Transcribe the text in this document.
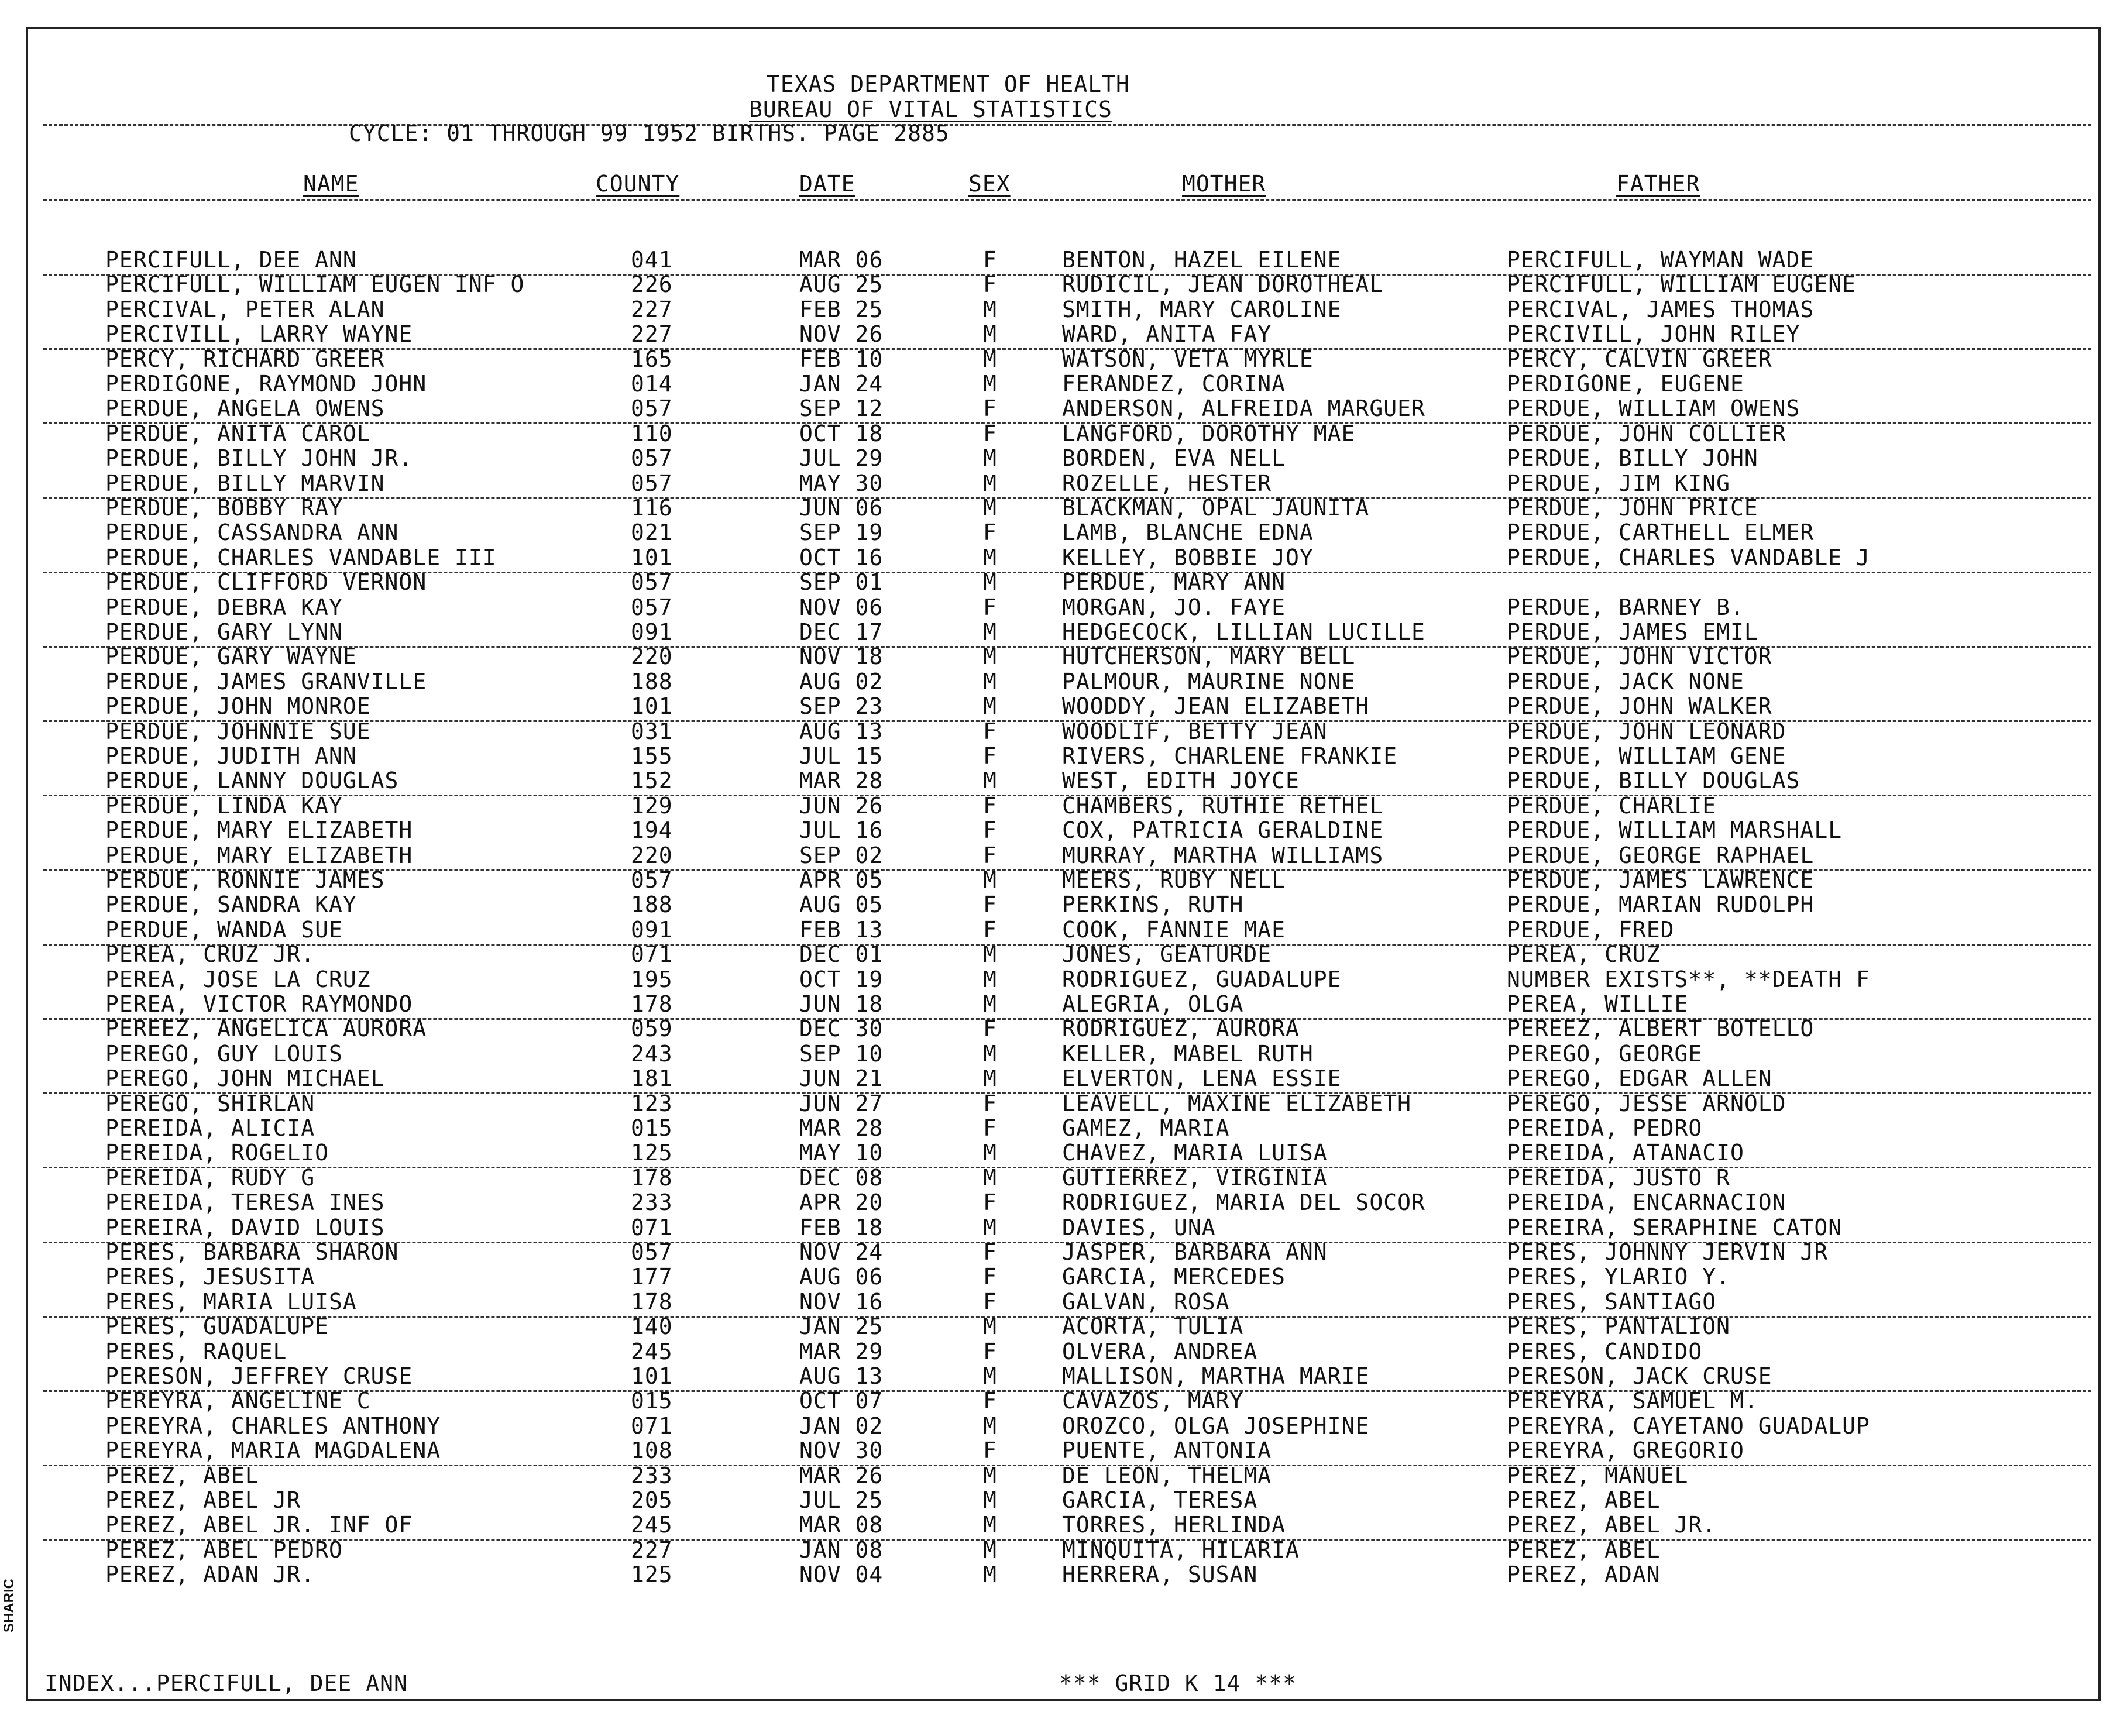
TEXAS DEPARTMENT OF HEALTH
BUREAU OF VITAL STATISTICS
CYCLE: 01 THROUGH 99 1952 BIRTHS. PAGE 2885
NAME	COUNTY	DATE	SEX	MOTHER	FATHER
PERCIFULL, DEE ANN	041	MAR 06	F	BENTON, HAZEL EILENE	PERCIFULL, WAYMAN WADE
PERCIFULL, WILLIAM EUGEN INF O	226	AUG 25	F	RUDICIL, JEAN DOROTHEAL	PERCIFULL, WILLIAM EUGENE
PERCIVAL, PETER ALAN	227	FEB 25	M	SMITH, MARY CAROLINE	PERCIVAL, JAMES THOMAS
PERCIVILL, LARRY WAYNE	227	NOV 26	M	WARD, ANITA FAY	PERCIVILL, JOHN RILEY
PERCY, RICHARD GREER	165	FEB 10	M	WATSON, VETA MYRLE	PERCY, CALVIN GREER
PERDIGONE, RAYMOND JOHN	014	JAN 24	M	FERANDEZ, CORINA	PERDIGONE, EUGENE
PERDUE, ANGELA OWENS	057	SEP 12	F	ANDERSON, ALFREIDA MARGUER	PERDUE, WILLIAM OWENS
PERDUE, ANITA CAROL	110	OCT 18	F	LANGFORD, DOROTHY MAE	PERDUE, JOHN COLLIER
PERDUE, BILLY JOHN JR.	057	JUL 29	M	BORDEN, EVA NELL	PERDUE, BILLY JOHN
PERDUE, BILLY MARVIN	057	MAY 30	M	ROZELLE, HESTER	PERDUE, JIM KING
PERDUE, BOBBY RAY	116	JUN 06	M	BLACKMAN, OPAL JAUNITA	PERDUE, JOHN PRICE
PERDUE, CASSANDRA ANN	021	SEP 19	F	LAMB, BLANCHE EDNA	PERDUE, CARTHELL ELMER
PERDUE, CHARLES VANDABLE III	101	OCT 16	M	KELLEY, BOBBIE JOY	PERDUE, CHARLES VANDABLE J
PERDUE, CLIFFORD VERNON	057	SEP 01	M	PERDUE, MARY ANN
PERDUE, DEBRA KAY	057	NOV 06	F	MORGAN, JO. FAYE	PERDUE, BARNEY B.
PERDUE, GARY LYNN	091	DEC 17	M	HEDGECOCK, LILLIAN LUCILLE	PERDUE, JAMES EMIL
PERDUE, GARY WAYNE	220	NOV 18	M	HUTCHERSON, MARY BELL	PERDUE, JOHN VICTOR
PERDUE, JAMES GRANVILLE	188	AUG 02	M	PALMOUR, MAURINE NONE	PERDUE, JACK NONE
PERDUE, JOHN MONROE	101	SEP 23	M	WOODDY, JEAN ELIZABETH	PERDUE, JOHN WALKER
PERDUE, JOHNNIE SUE	031	AUG 13	F	WOODLIF, BETTY JEAN	PERDUE, JOHN LEONARD
PERDUE, JUDITH ANN	155	JUL 15	F	RIVERS, CHARLENE FRANKIE	PERDUE, WILLIAM GENE
PERDUE, LANNY DOUGLAS	152	MAR 28	M	WEST, EDITH JOYCE	PERDUE, BILLY DOUGLAS
PERDUE, LINDA KAY	129	JUN 26	F	CHAMBERS, RUTHIE RETHEL	PERDUE, CHARLIE
PERDUE, MARY ELIZABETH	194	JUL 16	F	COX, PATRICIA GERALDINE	PERDUE, WILLIAM MARSHALL
PERDUE, MARY ELIZABETH	220	SEP 02	F	MURRAY, MARTHA WILLIAMS	PERDUE, GEORGE RAPHAEL
PERDUE, RONNIE JAMES	057	APR 05	M	MEERS, RUBY NELL	PERDUE, JAMES LAWRENCE
PERDUE, SANDRA KAY	188	AUG 05	F	PERKINS, RUTH	PERDUE, MARIAN RUDOLPH
PERDUE, WANDA SUE	091	FEB 13	F	COOK, FANNIE MAE	PERDUE, FRED
PEREA, CRUZ JR.	071	DEC 01	M	JONES, GEATURDE	PEREA, CRUZ
PEREA, JOSE LA CRUZ	195	OCT 19	M	RODRIGUEZ, GUADALUPE	NUMBER EXISTS**, **DEATH F
PEREA, VICTOR RAYMONDO	178	JUN 18	M	ALEGRIA, OLGA	PEREA, WILLIE
PEREEZ, ANGELICA AURORA	059	DEC 30	F	RODRIGUEZ, AURORA	PEREEZ, ALBERT BOTELLO
PEREGO, GUY LOUIS	243	SEP 10	M	KELLER, MABEL RUTH	PEREGO, GEORGE
PEREGO, JOHN MICHAEL	181	JUN 21	M	ELVERTON, LENA ESSIE	PEREGO, EDGAR ALLEN
PEREGO, SHIRLAN	123	JUN 27	F	LEAVELL, MAXINE ELIZABETH	PEREGO, JESSE ARNOLD
PEREIDA, ALICIA	015	MAR 28	F	GAMEZ, MARIA	PEREIDA, PEDRO
PEREIDA, ROGELIO	125	MAY 10	M	CHAVEZ, MARIA LUISA	PEREIDA, ATANACIO
PEREIDA, RUDY G	178	DEC 08	M	GUTIERREZ, VIRGINIA	PEREIDA, JUSTO R
PEREIDA, TERESA INES	233	APR 20	F	RODRIGUEZ, MARIA DEL SOCOR	PEREIDA, ENCARNACION
PEREIRA, DAVID LOUIS	071	FEB 18	M	DAVIES, UNA	PEREIRA, SERAPHINE CATON
PERES, BARBARA SHARON	057	NOV 24	F	JASPER, BARBARA ANN	PERES, JOHNNY JERVIN JR
PERES, JESUSITA	177	AUG 06	F	GARCIA, MERCEDES	PERES, YLARIO Y.
PERES, MARIA LUISA	178	NOV 16	F	GALVAN, ROSA	PERES, SANTIAGO
PERES, GUADALUPE	140	JAN 25	M	ACORTA, TULIA	PERES, PANTALION
PERES, RAQUEL	245	MAR 29	F	OLVERA, ANDREA	PERES, CANDIDO
PERESON, JEFFREY CRUSE	101	AUG 13	M	MALLISON, MARTHA MARIE	PERESON, JACK CRUSE
PEREYRA, ANGELINE C	015	OCT 07	F	CAVAZOS, MARY	PEREYRA, SAMUEL M.
PEREYRA, CHARLES ANTHONY	071	JAN 02	M	OROZCO, OLGA JOSEPHINE	PEREYRA, CAYETANO GUADALUP
PEREYRA, MARIA MAGDALENA	108	NOV 30	F	PUENTE, ANTONIA	PEREYRA, GREGORIO
PEREZ, ABEL	233	MAR 26	M	DE LEON, THELMA	PEREZ, MANUEL
PEREZ, ABEL JR	205	JUL 25	M	GARCIA, TERESA	PEREZ, ABEL
PEREZ, ABEL JR. INF OF	245	MAR 08	M	TORRES, HERLINDA	PEREZ, ABEL JR.
PEREZ, ABEL PEDRO	227	JAN 08	M	MINQUITA, HILARIA	PEREZ, ABEL
PEREZ, ADAN JR.	125	NOV 04	M	HERRERA, SUSAN	PEREZ, ADAN
INDEX...PERCIFULL, DEE ANN	*** GRID K 14 ***
SHARIC
